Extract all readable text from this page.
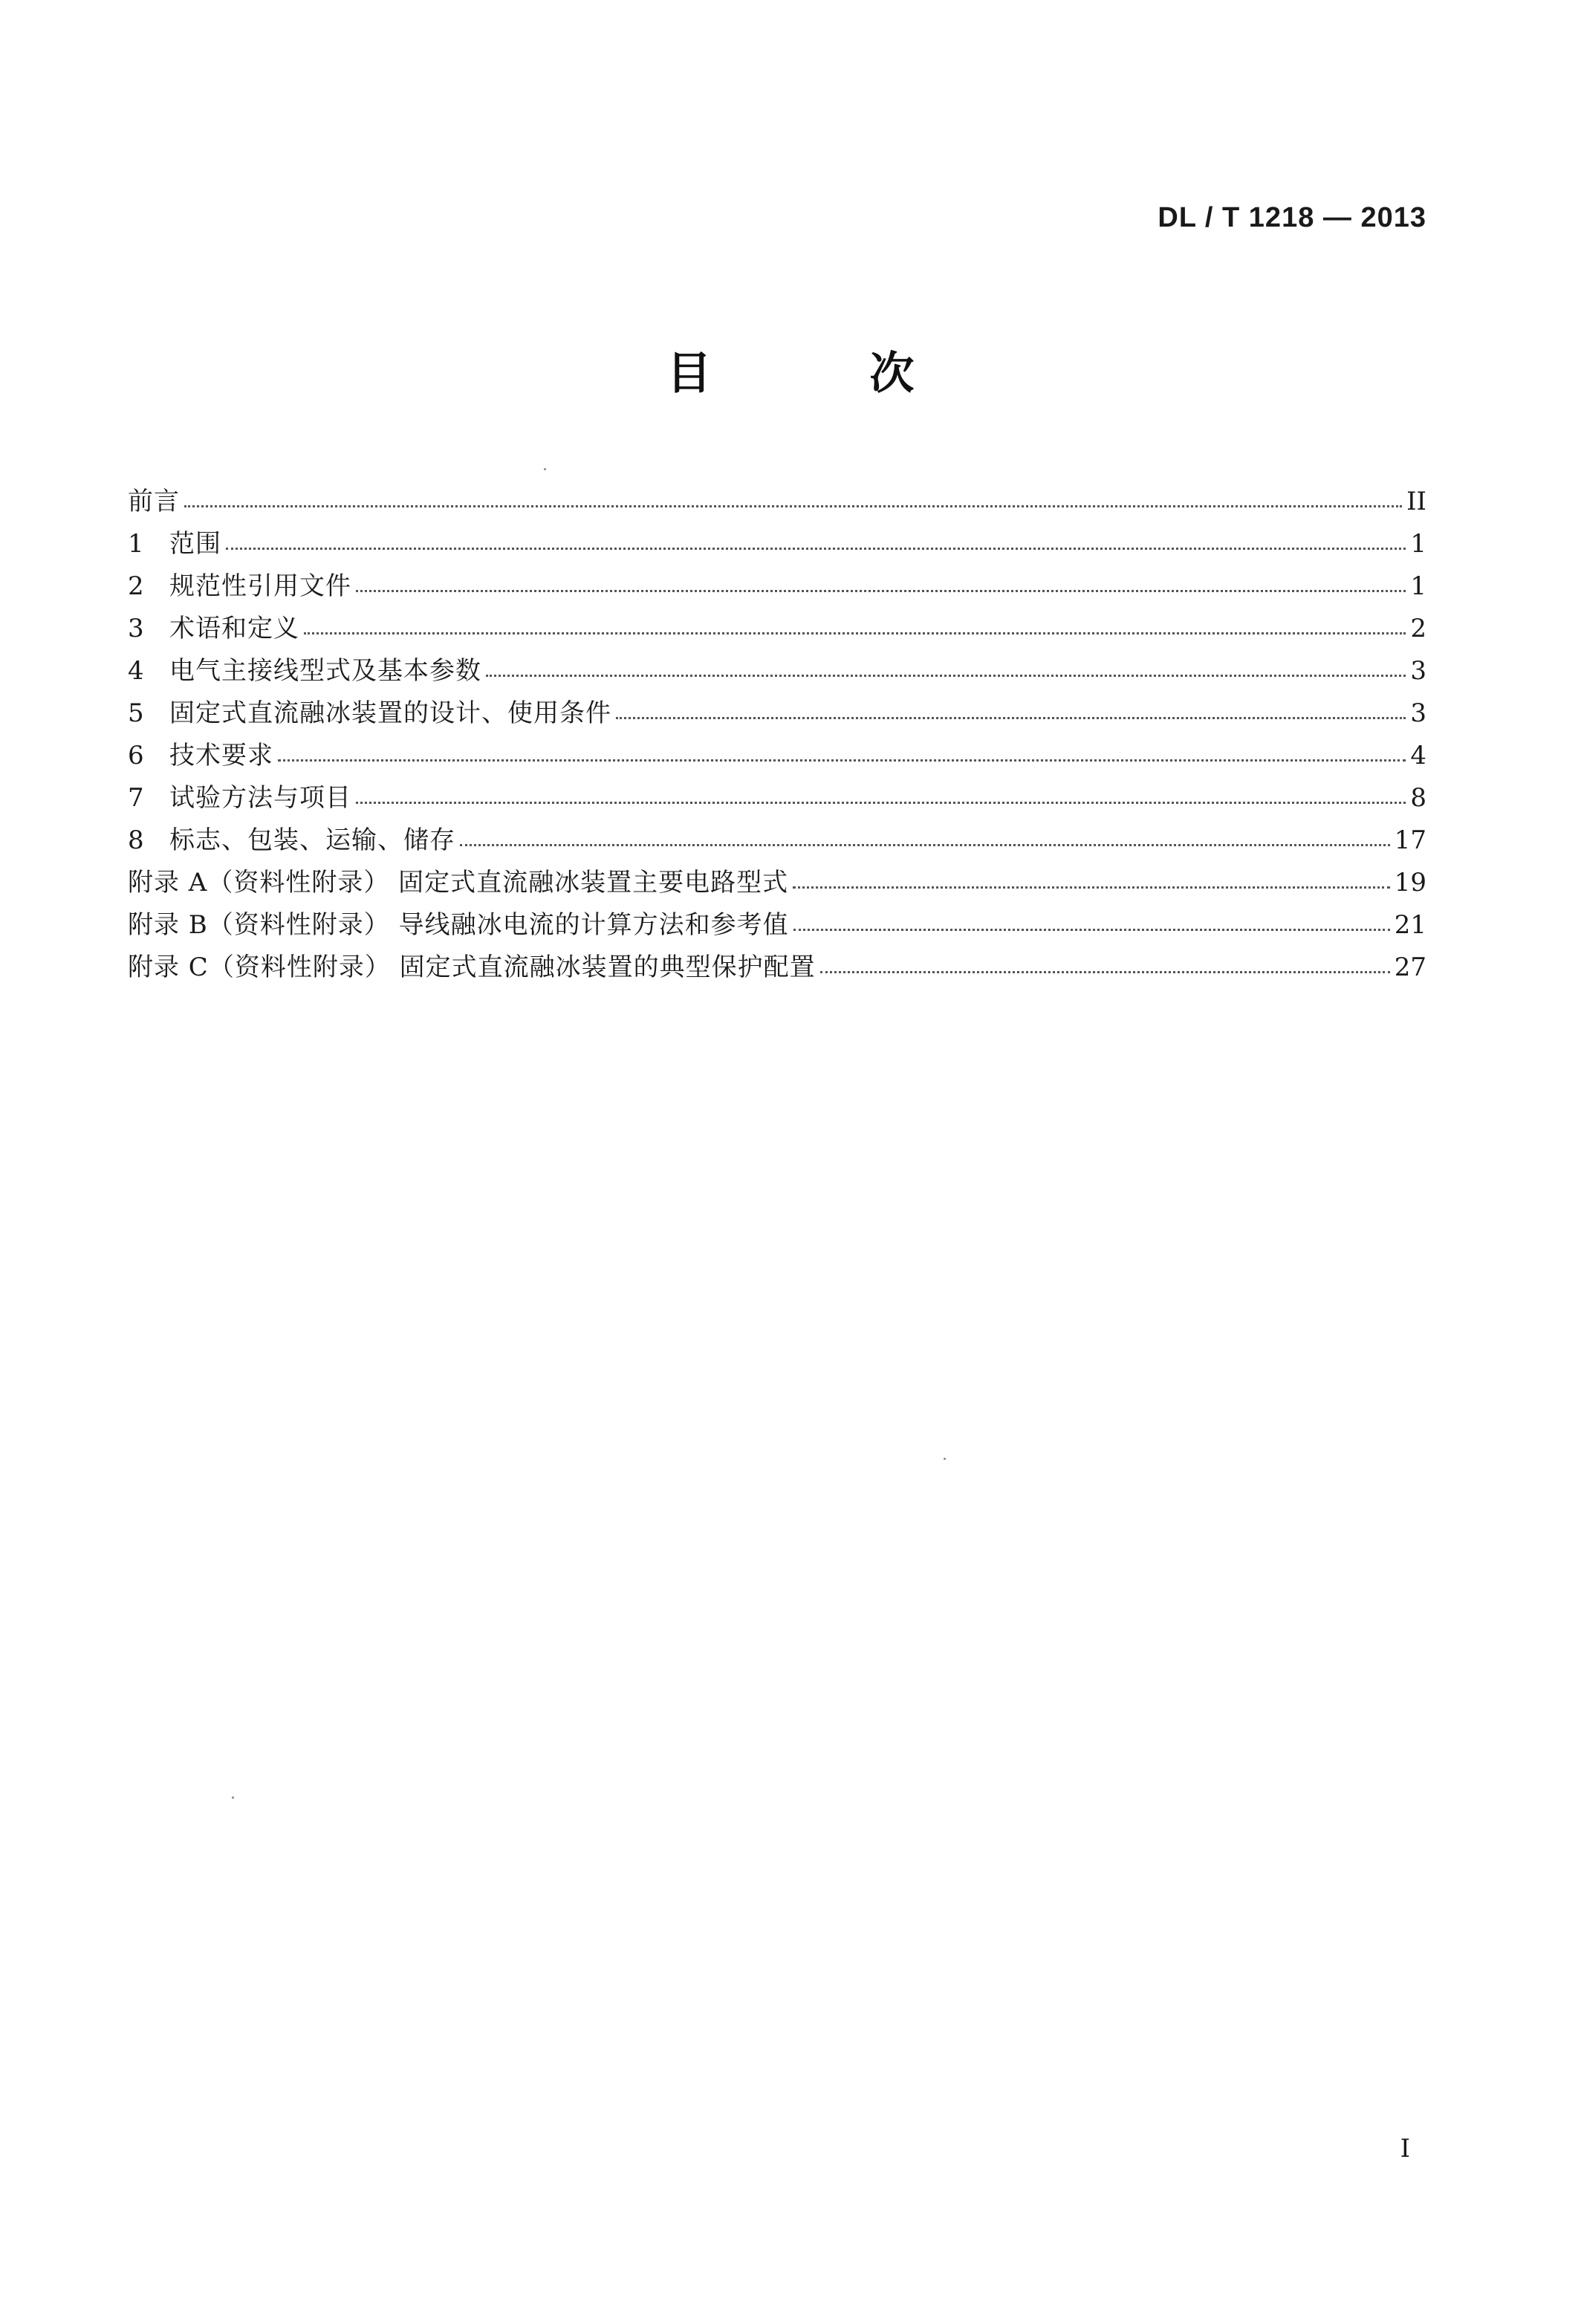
DL / T 1218 — 2013
目 次
前言	II
1	范围	1
2	规范性引用文件	1
3	术语和定义	2
4	电气主接线型式及基本参数	3
5	固定式直流融冰装置的设计、使用条件	3
6	技术要求	4
7	试验方法与项目	8
8	标志、包装、运输、储存	17
附录 A（资料性附录） 固定式直流融冰装置主要电路型式	19
附录 B（资料性附录） 导线融冰电流的计算方法和参考值	21
附录 C（资料性附录） 固定式直流融冰装置的典型保护配置	27
I
